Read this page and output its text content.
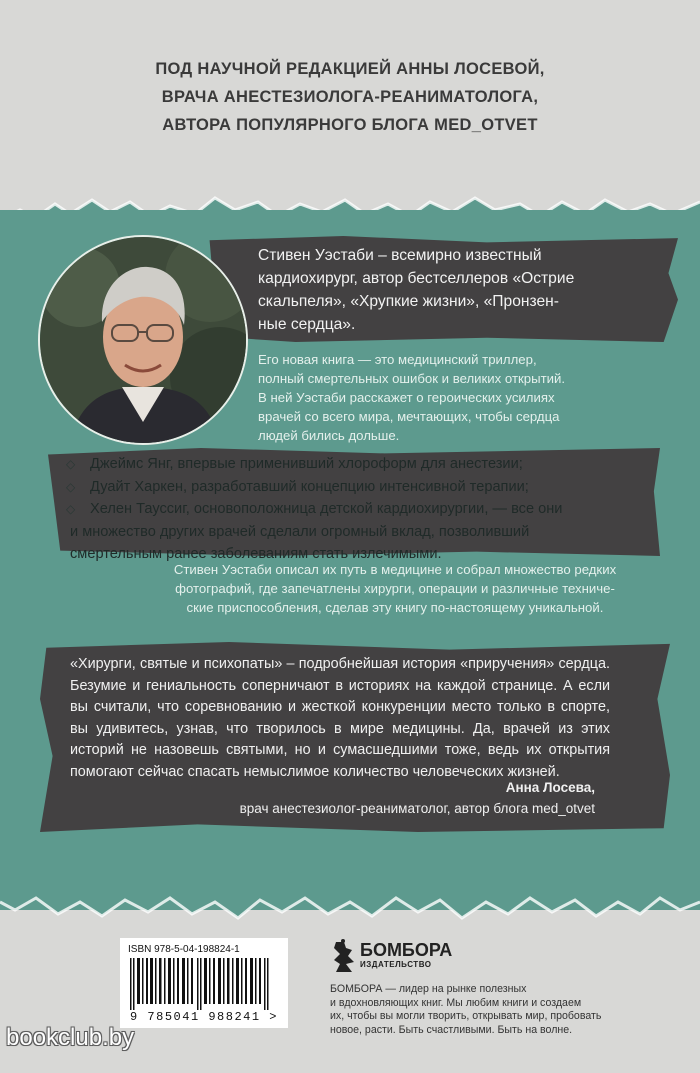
ПОД НАУЧНОЙ РЕДАКЦИЕЙ АННЫ ЛОСЕВОЙ,
ВРАЧА АНЕСТЕЗИОЛОГА-РЕАНИМАТОЛОГА,
АВТОРА ПОПУЛЯРНОГО БЛОГА MED_OTVET
Стивен Уэстаби – всемирно известный
кардиохирург, автор бестселлеров «Острие
скальпеля», «Хрупкие жизни», «Пронзен-
ные сердца».
Его новая книга — это медицинский триллер,
полный смертельных ошибок и великих открытий.
В ней Уэстаби расскажет о героических усилиях
врачей со всего мира, мечтающих, чтобы сердца
людей бились дольше.
◇ Джеймс Янг, впервые применивший хлороформ для анестезии;
◇ Дуайт Харкен, разработавший концепцию интенсивной терапии;
◇ Хелен Тауссиг, основоположница детской кардиохирургии, — все они
и множество других врачей сделали огромный вклад, позволивший
смертельным ранее заболеваниям стать излечимыми.
Стивен Уэстаби описал их путь в медицине и собрал множество редких
фотографий, где запечатлены хирурги, операции и различные техниче-
ские приспособления, сделав эту книгу по-настоящему уникальной.
«Хирурги, святые и психопаты» – подробнейшая история «приручения» сердца. Безумие и гениальность соперничают в историях на каждой странице. А если вы считали, что соревнованию и жесткой конкуренции место только в спорте, вы удивитесь, узнав, что творилось в мире медицины. Да, врачей из этих историй не назовешь святыми, но и сумасшедшими тоже, ведь их открытия помогают сейчас спасать немыслимое количество человеческих жизней.
Анна Лосева,
врач анестезиолог-реаниматолог, автор блога med_otvet
ISBN 978-5-04-198824-1
9 785041 988241 >
БОМБОРА
ИЗДАТЕЛЬСТВО
БОМБОРА — лидер на рынке полезных
и вдохновляющих книг. Мы любим книги и создаем
их, чтобы вы могли творить, открывать мир, пробовать
новое, расти. Быть счастливыми. Быть на волне.
bookclub.by
